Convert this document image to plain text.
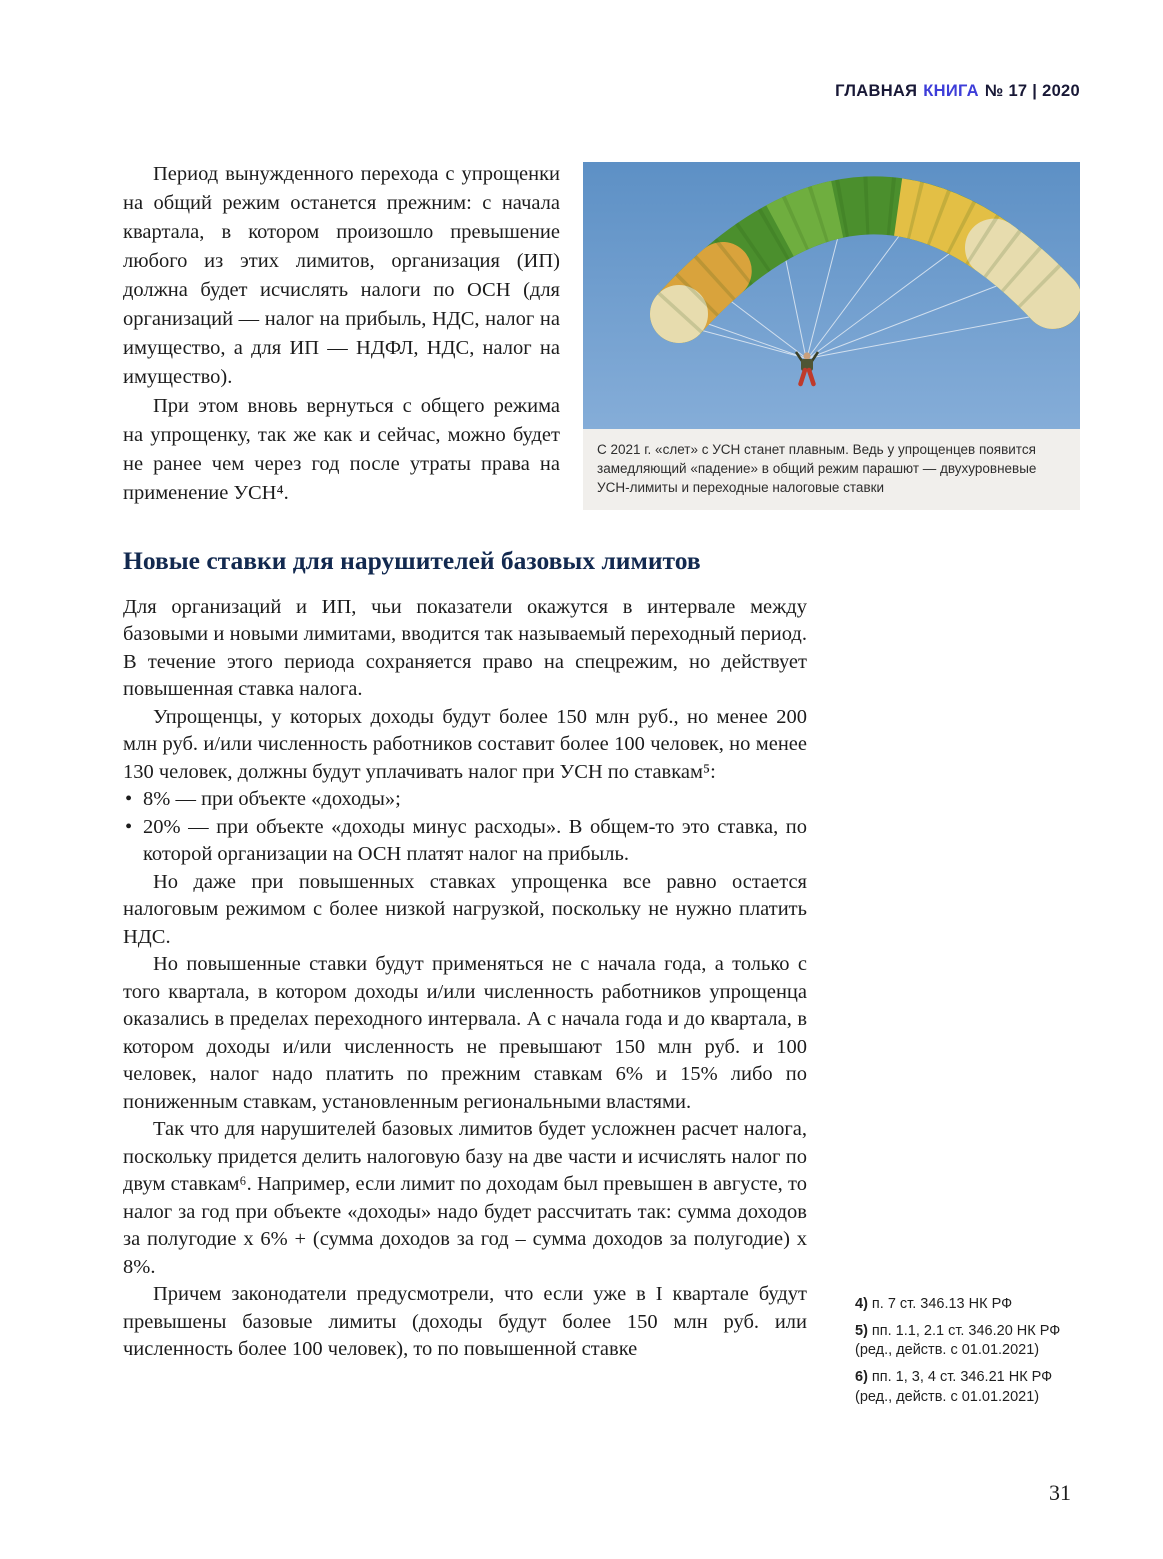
ГЛАВНАЯ КНИГА № 17 | 2020

Период вынужденного перехода с упрощенки на общий режим останется прежним: с начала квартала, в котором произошло превышение любого из этих лимитов, организация (ИП) должна будет исчислять налоги по ОСН (для организаций — налог на прибыль, НДС, налог на имущество, а для ИП — НДФЛ, НДС, налог на имущество).

При этом вновь вернуться с общего режима на упрощенку, так же как и сейчас, можно будет не ранее чем через год после утраты права на применение УСН⁴.

С 2021 г. «слет» с УСН станет плавным. Ведь у упрощенцев появится замедляющий «падение» в общий режим парашют — двухуровневые УСН-лимиты и переходные налоговые ставки
Новые ставки для нарушителей базовых лимитов

Для организаций и ИП, чьи показатели окажутся в интервале между базовыми и новыми лимитами, вводится так называемый переходный период. В течение этого периода сохраняется право на спецрежим, но действует повышенная ставка налога.

Упрощенцы, у которых доходы будут более 150 млн руб., но менее 200 млн руб. и/или численность работников составит более 100 человек, но менее 130 человек, должны будут уплачивать налог при УСН по ставкам⁵:

• 8% — при объекте «доходы»;
• 20% — при объекте «доходы минус расходы». В общем-то это ставка, по которой организации на ОСН платят налог на прибыль.

Но даже при повышенных ставках упрощенка все равно остается налоговым режимом с более низкой нагрузкой, поскольку не нужно платить НДС.

Но повышенные ставки будут применяться не с начала года, а только с того квартала, в котором доходы и/или численность работников упрощенца оказались в пределах переходного интервала. А с начала года и до квартала, в котором доходы и/или численность не превышают 150 млн руб. и 100 человек, налог надо платить по прежним ставкам 6% и 15% либо по пониженным ставкам, установленным региональными властями.

Так что для нарушителей базовых лимитов будет усложнен расчет налога, поскольку придется делить налоговую базу на две части и исчислять налог по двум ставкам⁶. Например, если лимит по доходам был превышен в августе, то налог за год при объекте «доходы» надо будет рассчитать так: сумма доходов за полугодие х 6% + (сумма доходов за год – сумма доходов за полугодие) х 8%.

Причем законодатели предусмотрели, что если уже в I квартале будут превышены базовые лимиты (доходы будут более 150 млн руб. или численность более 100 человек), то по повышенной ставке

4) п. 7 ст. 346.13 НК РФ

5) пп. 1.1, 2.1 ст. 346.20 НК РФ (ред., действ. с 01.01.2021)

6) пп. 1, 3, 4 ст. 346.21 НК РФ (ред., действ. с 01.01.2021)

31
